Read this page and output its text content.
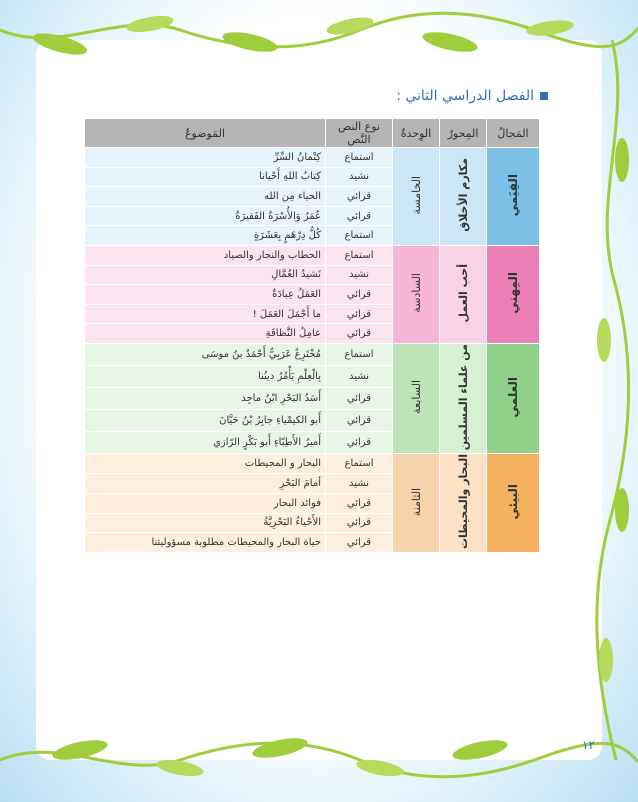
الفصل الدراسي الثاني :
المَجالُ	المِحورُ	الوِحدةُ	نوع النص النَّص	المَوضوعُ
القِيَمي	مكارم الأخلاق	الخامسة	استماع	كِتْمانُ السِّرِّ
			نشيد	كِتابُ اللهِ أَحْيانا
			قرائي	الحياء مِن الله
			قرائي	عُمَرُ وَالأُسْرَةُ الفَقيرَةُ
			استماع	كُلُّ دِرْهَمٍ بِعَشَرَةٍ
المِهني	أحب العمل	السادسة	استماع	الحطاب والنجار والصياد
			نشيد	نَشيدُ العُمَّالِ
			قرائي	العَمَلُ عِبادَةٌ
			قرائي	ما أَجْمَلَ العَمَلَ !
			قرائي	عامِلُ النَّظافَةِ
العلمي	من علماء المسلمين	السابعة	استماع	مُخْتَرِعٌ عَرَبِيٌّ أَحْمَدُ بنُ موسَى
			نشيد	بِالْعِلْمِ يَأْمُرُ دينُنا
			قرائي	أَسَدُ البَحْرِ ابْنُ ماجِد
			قرائي	أَبو الكيمْياءِ جابِرُ بْنُ حَيَّانَ
			قرائي	أَميرُ الأَطِبّاءِ أَبو بَكْرٍ الرّازي
البيئي	البحار والمحيطات	الثامنة	استماع	البحار و المحيطات
			نشيد	أمامَ البَحْرِ
			قرائي	فوائد البحار
			قرائي	الأَحْياءُ البَحْرِيَّةُ
			قرائي	حياة البحار والمحيطات مطلوبة مسؤوليتنا
١٢
